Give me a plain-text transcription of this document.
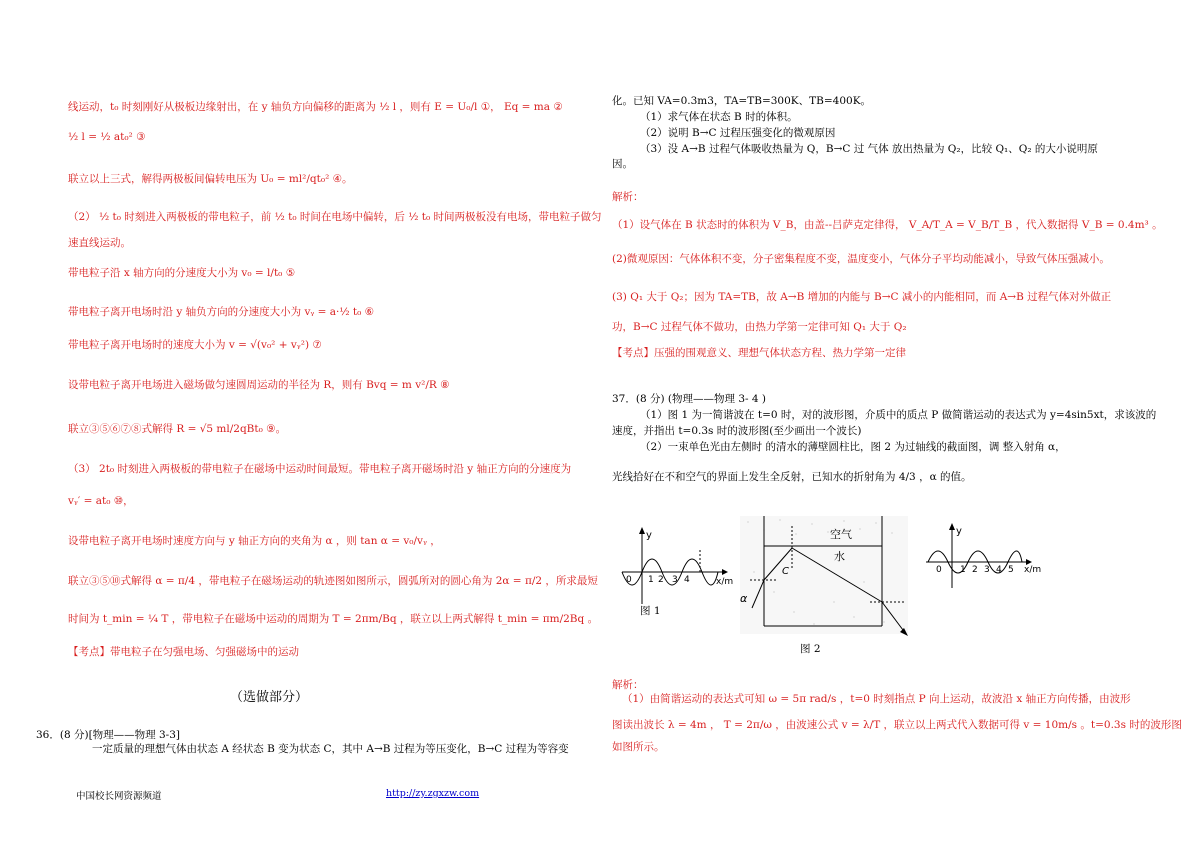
线运动，t₀ 时刻刚好从极板边缘射出，在 y 轴负方向偏移的距离为 ½ l ，则有 E = U₀/l ①， Eq = ma ②
½ l = ½ at₀² ③
联立以上三式，解得两极板间偏转电压为 U₀ = ml²/qt₀² ④。
（2） ½ t₀ 时刻进入两极板的带电粒子，前 ½ t₀ 时间在电场中偏转，后 ½ t₀ 时间两极板没有电场，带电粒子做匀
速直线运动。
带电粒子沿 x 轴方向的分速度大小为 v₀ = l/t₀ ⑤
带电粒子离开电场时沿 y 轴负方向的分速度大小为 vᵧ = a·½ t₀ ⑥
带电粒子离开电场时的速度大小为 v = √(v₀² + vᵧ²) ⑦
设带电粒子离开电场进入磁场做匀速圆周运动的半径为 R，则有 Bvq = m v²/R ⑧
联立③⑤⑥⑦⑧式解得 R = √5 ml/2qBt₀ ⑨。
（3） 2t₀ 时刻进入两极板的带电粒子在磁场中运动时间最短。带电粒子离开磁场时沿 y 轴正方向的分速度为
vᵧ′ = at₀ ⑩，
设带电粒子离开电场时速度方向与 y 轴正方向的夹角为 α ，则 tan α = v₀/vᵧ ，
联立③⑤⑩式解得 α = π/4 ，带电粒子在磁场运动的轨迹图如图所示，圆弧所对的圆心角为 2α = π/2 ，所求最短
时间为 t_min = ¼ T ，带电粒子在磁场中运动的周期为 T = 2πm/Bq ，联立以上两式解得 t_min = πm/2Bq 。
【考点】带电粒子在匀强电场、匀强磁场中的运动
（选做部分）
36．(8 分)[物理——物理 3-3]
一定质量的理想气体由状态 A 经状态 B 变为状态 C，其中 A→B 过程为等压变化，B→C 过程为等容变
化。已知 VA=0.3m3，TA=TB=300K、TB=400K。
（1）求气体在状态 B 时的体积。
（2）说明 B→C 过程压强变化的微观原因
（3）没 A→B 过程气体吸收热量为 Q，B→C 过 气体 放出热量为 Q₂，比较 Q₁、Q₂ 的大小说明原
因。
解析：
（1）设气体在 B 状态时的体积为 V_B，由盖--吕萨克定律得， V_A/T_A = V_B/T_B ，代入数据得 V_B = 0.4m³ 。
(2)微观原因：气体体积不变，分子密集程度不变，温度变小，气体分子平均动能减小，导致气体压强减小。
(3) Q₁ 大于 Q₂；因为 TA=TB，故 A→B 增加的内能与 B→C 减小的内能相同，而 A→B 过程气体对外做正
功，B→C 过程气体不做功，由热力学第一定律可知 Q₁ 大于 Q₂
【考点】压强的围观意义、理想气体状态方程、热力学第一定律
37．(8 分) (物理——物理 3- 4 )
（1）图 1 为一简谐波在 t=0 时，对的波形图，介质中的质点 P 做简谐运动的表达式为 y=4sin5xt，求该波的
速度，并指出 t=0.3s 时的波形图(至少画出一个波长)
（2）一束单色光由左侧时 的清水的薄壁圆柱比，图 2 为过轴线的截面图，调 整入射角 α，
光线拾好在不和空气的界面上发生全反射，已知水的折射角为 4/3 ，α 的值。
解析：
（1）由简谐运动的表达式可知 ω = 5π rad/s ，t=0 时刻指点 P 向上运动，故波沿 x 轴正方向传播，由波形
图读出波长 λ = 4m ， T = 2π/ω ，由波速公式 v = λ/T ，联立以上两式代入数据可得 v = 10m/s 。t=0.3s 时的波形图
如图所示。
y
x/m
0 1 2 3 4
图 1
空气
水
α
C
图 2
y
x/m
0 1 2 3 4 5
中国校长网资源频道	http://zy.zgxzw.com
